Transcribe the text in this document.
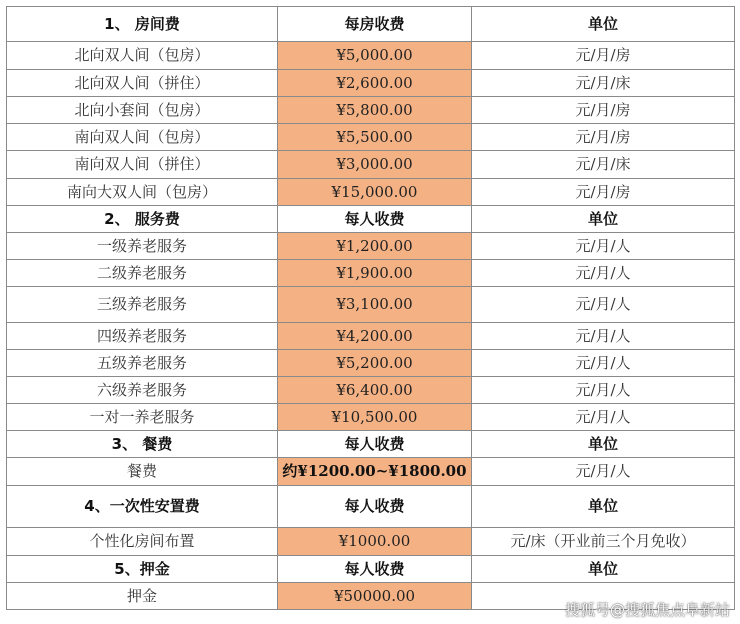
1、 房间费	每房收费	单位
北向双人间（包房）	¥5,000.00	元/月/房
北向双人间（拼住）	¥2,600.00	元/月/床
北向小套间（包房）	¥5,800.00	元/月/房
南向双人间（包房）	¥5,500.00	元/月/房
南向双人间（拼住）	¥3,000.00	元/月/床
南向大双人间（包房）	¥15,000.00	元/月/房
2、 服务费	每人收费	单位
一级养老服务	¥1,200.00	元/月/人
二级养老服务	¥1,900.00	元/月/人
三级养老服务	¥3,100.00	元/月/人
四级养老服务	¥4,200.00	元/月/人
五级养老服务	¥5,200.00	元/月/人
六级养老服务	¥6,400.00	元/月/人
一对一养老服务	¥10,500.00	元/月/人
3、 餐费	每人收费	单位
餐费	约¥1200.00~¥1800.00	元/月/人
4、一次性安置费	每人收费	单位
个性化房间布置	¥1000.00	元/床（开业前三个月免收）
5、押金	每人收费	单位
押金	¥50000.00	
搜狐号@搜狐焦点阜新站
